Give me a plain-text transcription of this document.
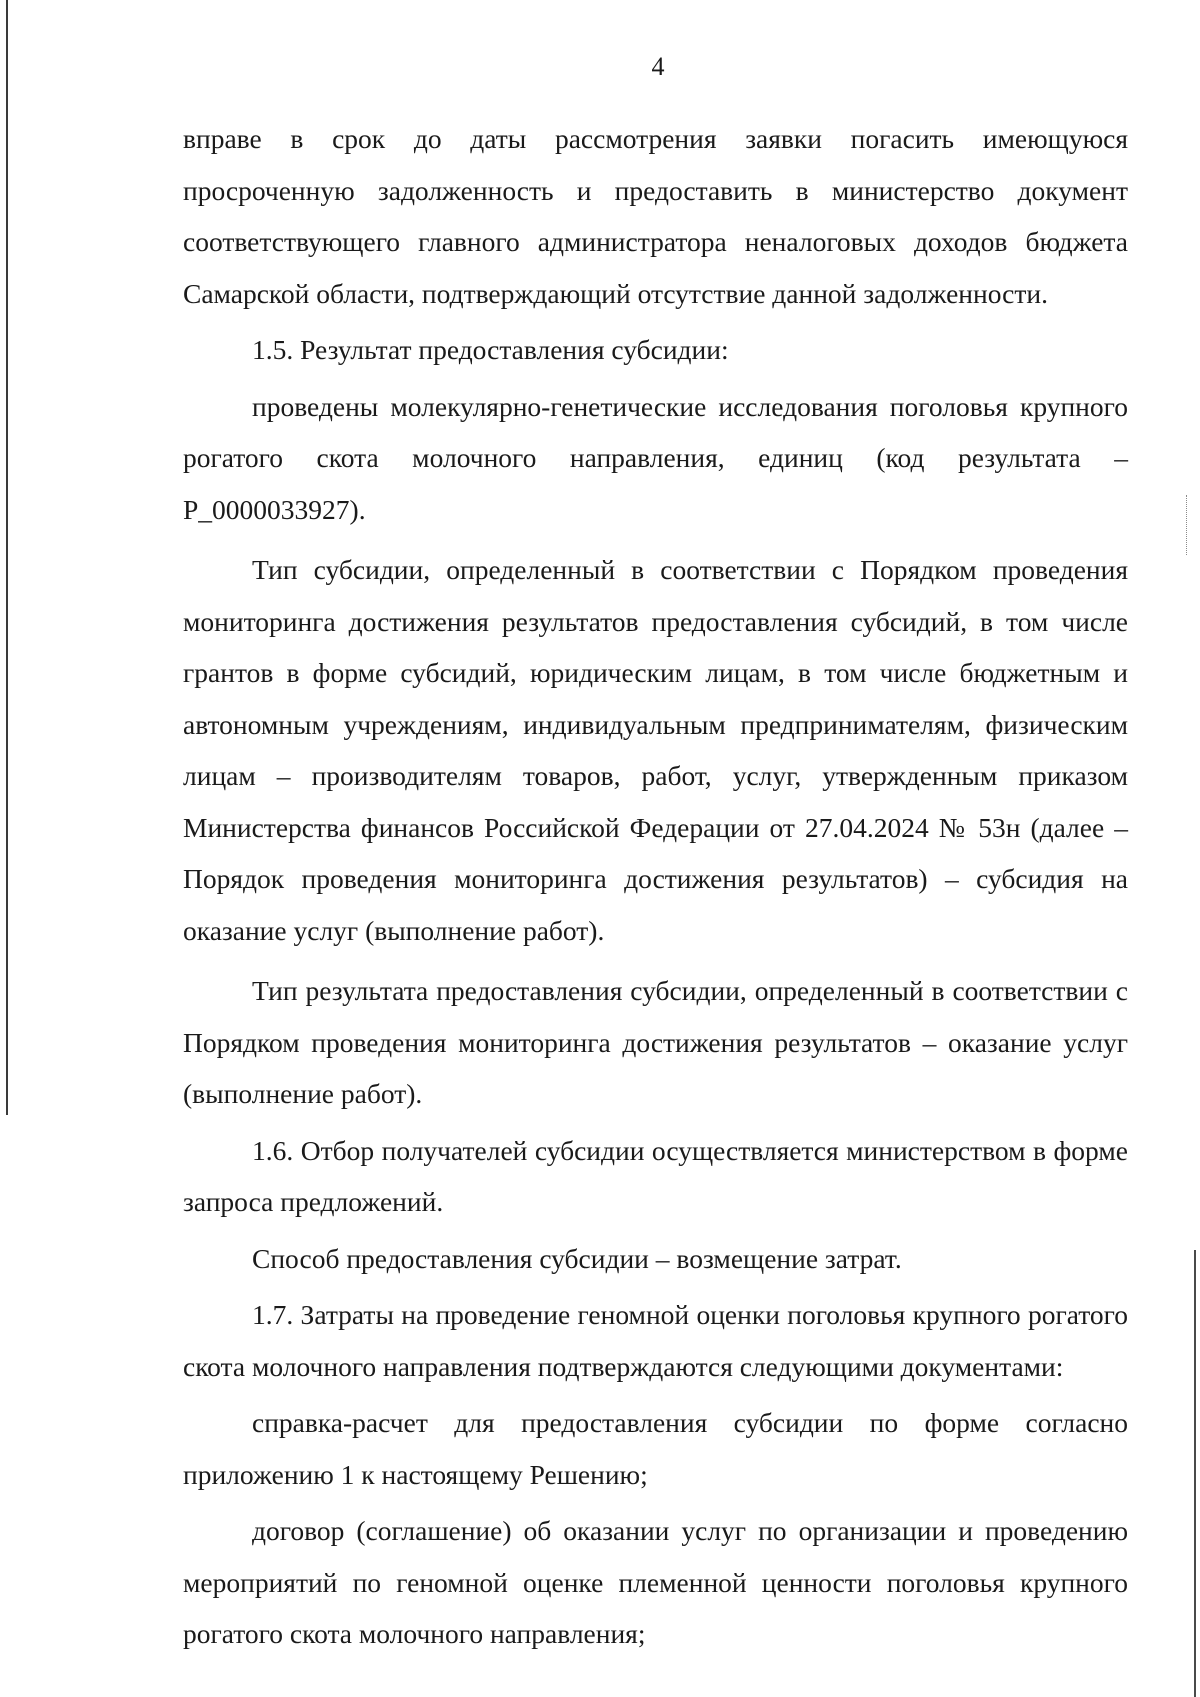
4

вправе в срок до даты рассмотрения заявки погасить имеющуюся просроченную задолженность и предоставить в министерство документ соответствующего главного администратора неналоговых доходов бюджета Самарской области, подтверждающий отсутствие данной задолженности.

1.5. Результат предоставления субсидии:

проведены молекулярно-генетические исследования поголовья крупного рогатого скота молочного направления, единиц (код результата – P_0000033927).

Тип субсидии, определенный в соответствии с Порядком проведения мониторинга достижения результатов предоставления субсидий, в том числе грантов в форме субсидий, юридическим лицам, в том числе бюджетным и автономным учреждениям, индивидуальным предпринимателям, физическим лицам – производителям товаров, работ, услуг, утвержденным приказом Министерства финансов Российской Федерации от 27.04.2024 № 53н (далее – Порядок проведения мониторинга достижения результатов) – субсидия на оказание услуг (выполнение работ).

Тип результата предоставления субсидии, определенный в соответствии с Порядком проведения мониторинга достижения результатов – оказание услуг (выполнение работ).

1.6. Отбор получателей субсидии осуществляется министерством в форме запроса предложений.

Способ предоставления субсидии – возмещение затрат.

1.7. Затраты на проведение геномной оценки поголовья крупного рогатого скота молочного направления подтверждаются следующими документами:

справка-расчет для предоставления субсидии по форме согласно приложению 1 к настоящему Решению;

договор (соглашение) об оказании услуг по организации и проведению мероприятий по геномной оценке племенной ценности поголовья крупного рогатого скота молочного направления;
